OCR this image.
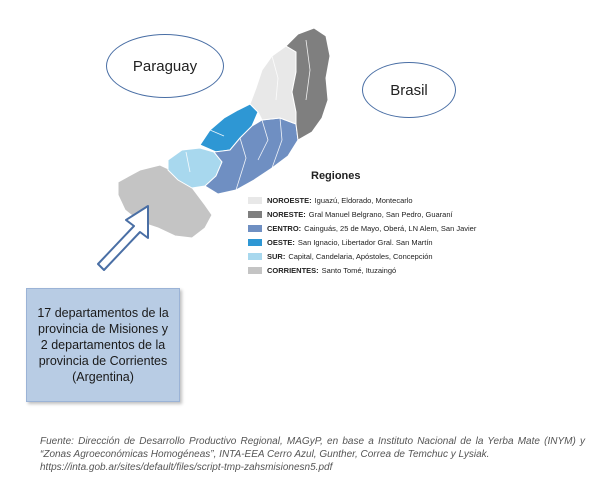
Paraguay
Brasil
Regiones
NOROESTE: Iguazú, Eldorado, Montecarlo
NORESTE: Gral Manuel Belgrano, San Pedro, Guaraní
CENTRO: Cainguás, 25 de Mayo, Oberá, LN Alem, San Javier
OESTE: San Ignacio, Libertador Gral. San Martín
SUR: Capital, Candelaria, Apóstoles, Concepción
CORRIENTES: Santo Tomé, Ituzaingó
17 departamentos de la provincia de Misiones y 2 departamentos de la provincia de Corrientes (Argentina)

Fuente: Dirección de Desarrollo Productivo Regional, MAGyP, en base a Instituto Nacional de la Yerba Mate (INYM) y “Zonas Agroeconómicas Homogéneas”, INTA-EEA Cerro Azul, Gunther, Correa de Temchuc y Lysiak.

https://inta.gob.ar/sites/default/files/script-tmp-zahsmisionesn5.pdf
